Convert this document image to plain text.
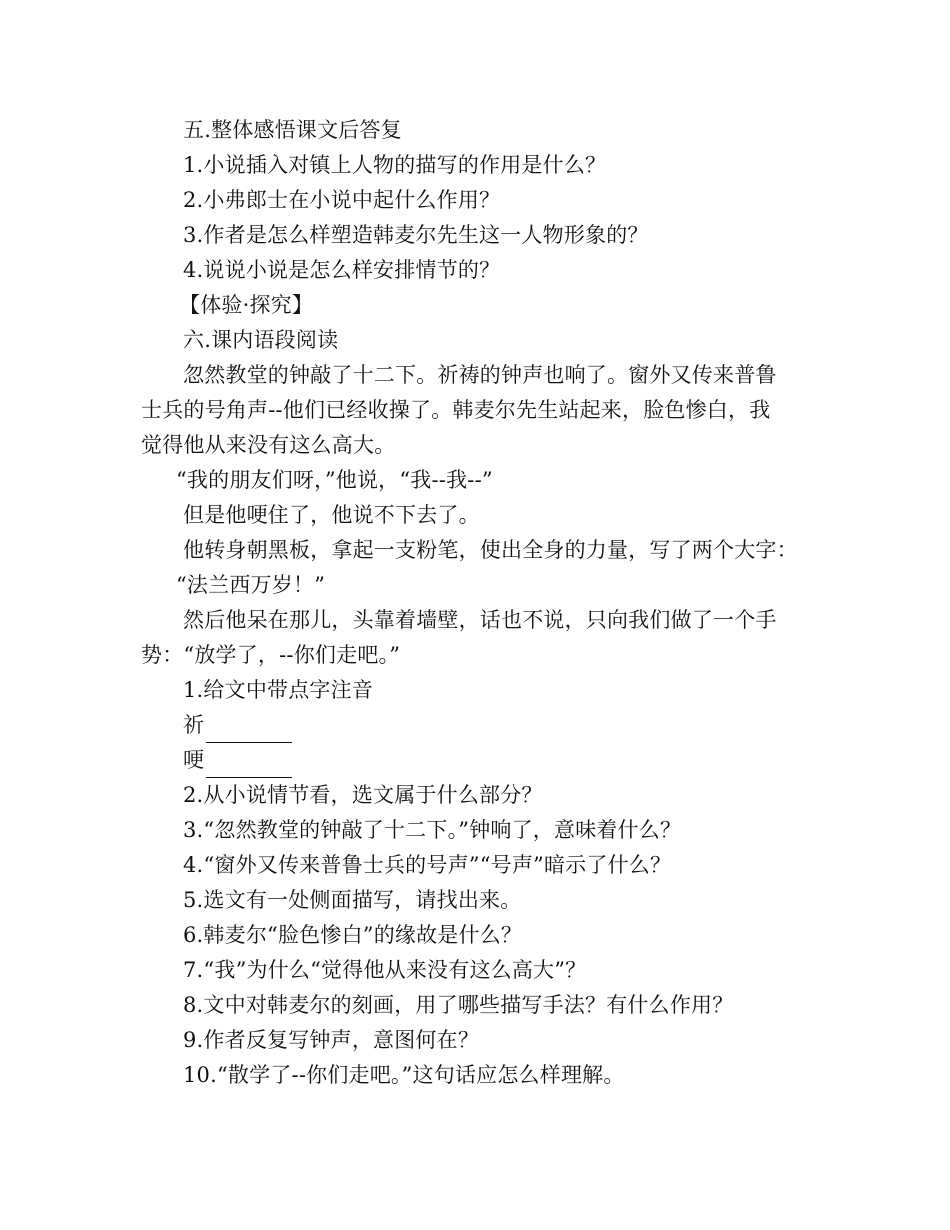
五.整体感悟课文后答复
1.小说插入对镇上人物的描写的作用是什么？
2.小弗郎士在小说中起什么作用？
3.作者是怎么样塑造韩麦尔先生这一人物形象的？
4.说说小说是怎么样安排情节的？
【体验·探究】
六.课内语段阅读
忽然教堂的钟敲了十二下。祈祷的钟声也响了。窗外又传来普鲁
士兵的号角声--他们已经收操了。韩麦尔先生站起来，脸色惨白，我
觉得他从来没有这么高大。
“我的朋友们呀，”他说，“我--我--”
但是他哽住了，他说不下去了。
他转身朝黑板，拿起一支粉笔，使出全身的力量，写了两个大字：
“法兰西万岁！”
然后他呆在那儿，头靠着墙壁，话也不说，只向我们做了一个手
势：“放学了，--你们走吧。”
1.给文中带点字注音
祈
哽
2.从小说情节看，选文属于什么部分？
3.“忽然教堂的钟敲了十二下。”钟响了，意味着什么？
4.“窗外又传来普鲁士兵的号声”“号声”暗示了什么？
5.选文有一处侧面描写，请找出来。
6.韩麦尔“脸色惨白”的缘故是什么？
7.“我”为什么“觉得他从来没有这么高大”？
8.文中对韩麦尔的刻画，用了哪些描写手法？有什么作用？
9.作者反复写钟声，意图何在？
10.“散学了--你们走吧。”这句话应怎么样理解。
